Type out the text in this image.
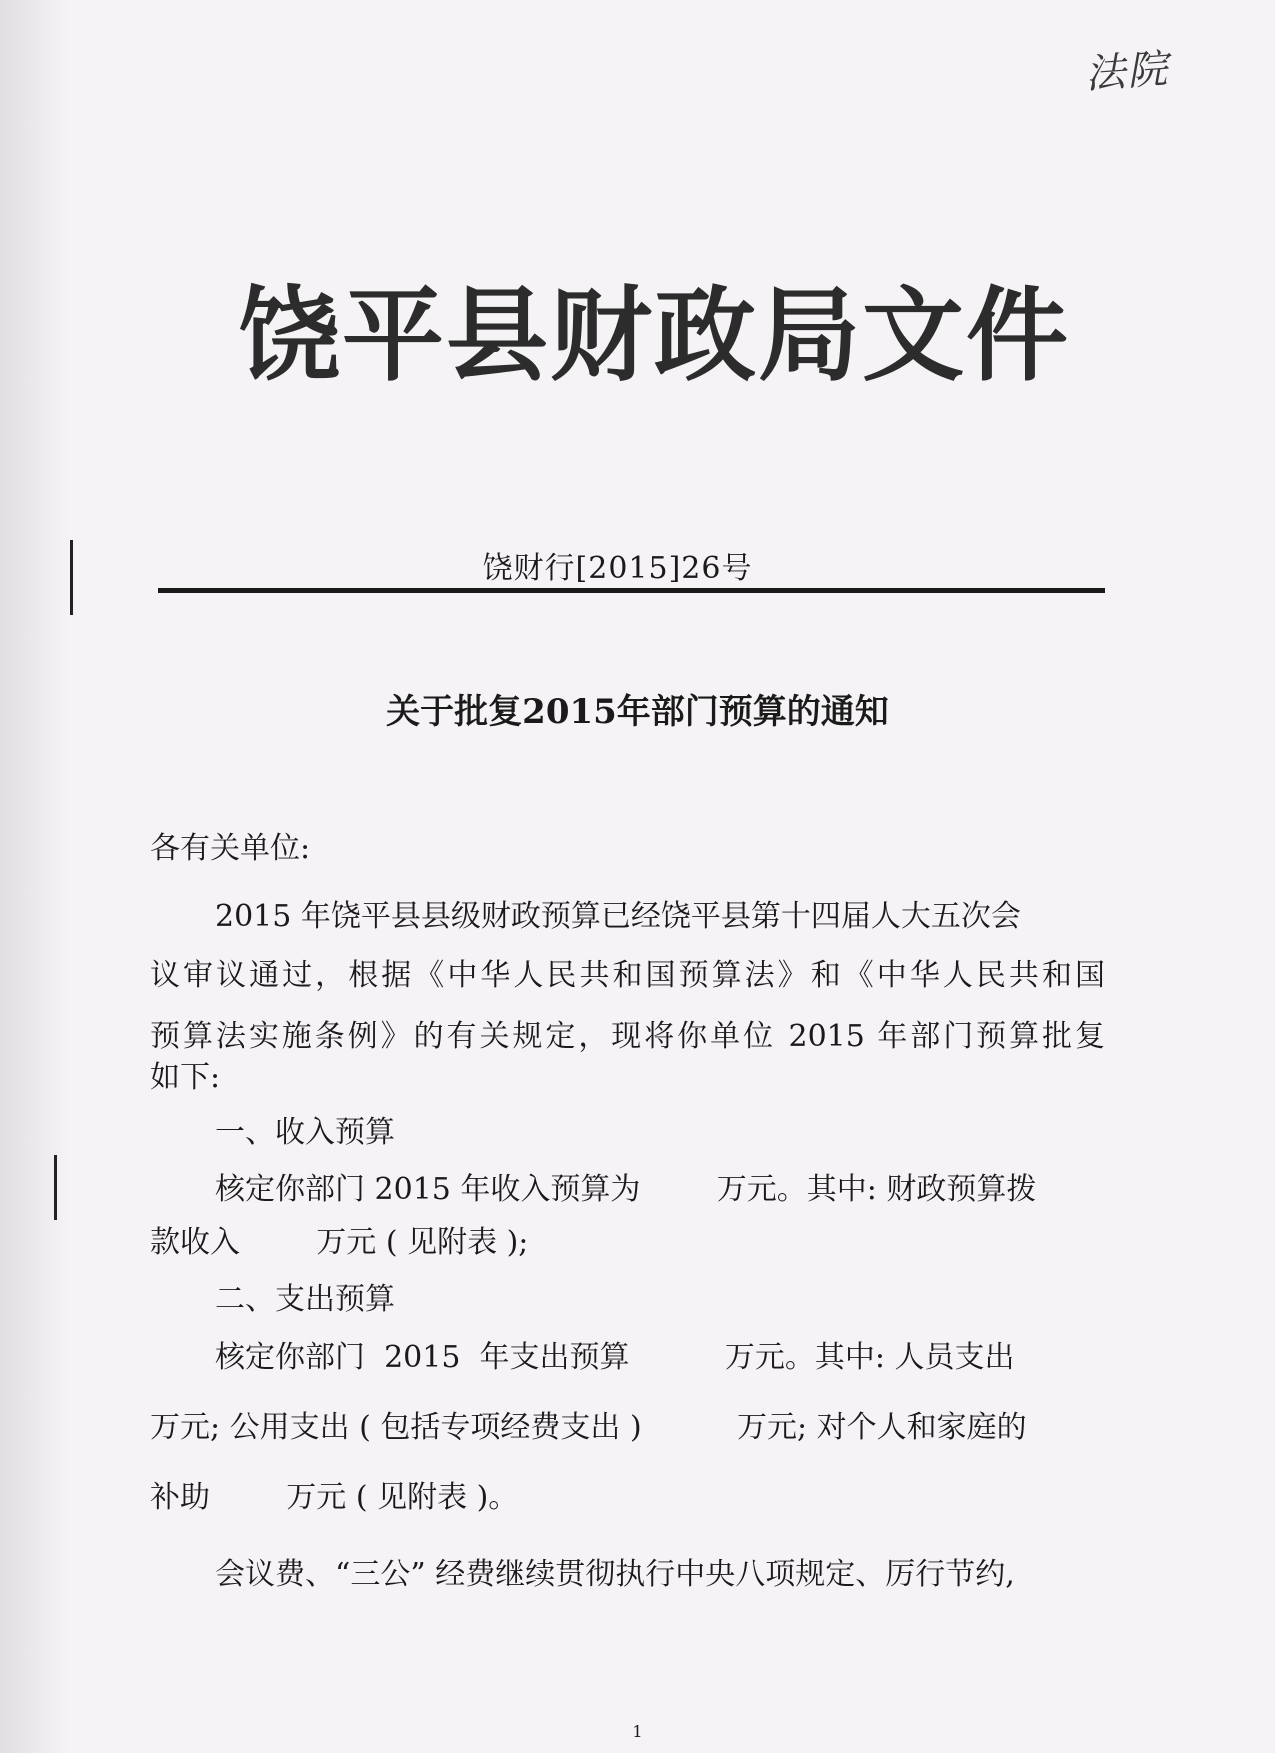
法院
饶平县财政局文件
饶财行[2015]26号
关于批复2015年部门预算的通知
各有关单位:
2015 年饶平县县级财政预算已经饶平县第十四届人大五次会
议审议通过，根据《中华人民共和国预算法》和《中华人民共和国
预算法实施条例》的有关规定，现将你单位 2015 年部门预算批复
如下:
一、收入预算
核定你部门 2015 年收入预算为        万元。其中: 财政预算拨
款收入        万元 ( 见附表 );
二、支出预算
核定你部门  2015  年支出预算          万元。其中: 人员支出
万元; 公用支出 ( 包括专项经费支出 )          万元; 对个人和家庭的
补助        万元 ( 见附表 )。
会议费、“三公” 经费继续贯彻执行中央八项规定、厉行节约,
1
